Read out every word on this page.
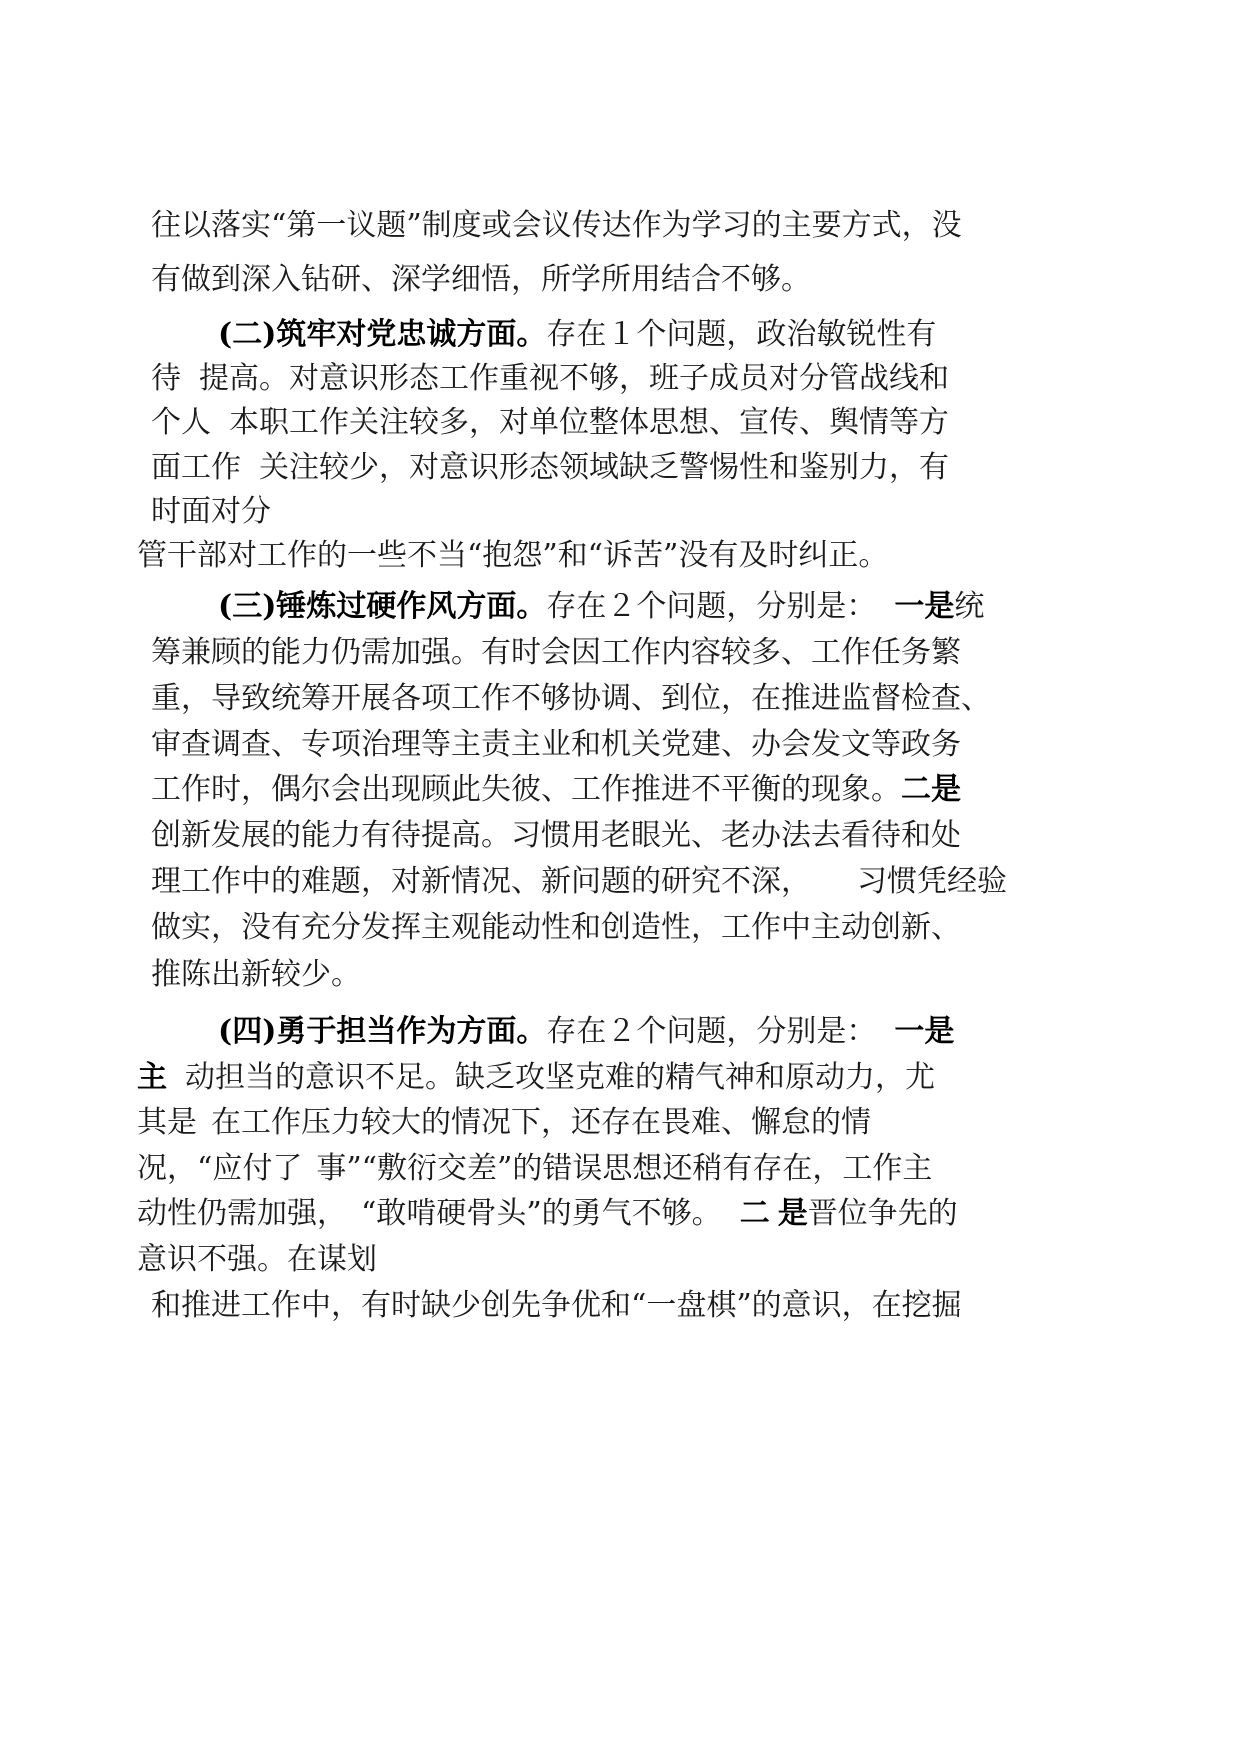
往以落实“第一议题”制度或会议传达作为学习的主要方式，没
有做到深入钻研、深学细悟，所学所用结合不够。
(二)筑牢对党忠诚方面。存在１个问题，政治敏锐性有
待 提高。对意识形态工作重视不够，班子成员对分管战线和
个人 本职工作关注较多，对单位整体思想、宣传、舆情等方
面工作 关注较少，对意识形态领域缺乏警惕性和鉴别力，有
时面对分
管干部对工作的一些不当“抱怨”和“诉苦”没有及时纠正。
(三)锤炼过硬作风方面。存在２个问题，分别是： 一是统
筹兼顾的能力仍需加强。有时会因工作内容较多、工作任务繁
重，导致统筹开展各项工作不够协调、到位，在推进监督检查、
审查调查、专项治理等主责主业和机关党建、办会发文等政务
工作时，偶尔会出现顾此失彼、工作推进不平衡的现象。二是
创新发展的能力有待提高。习惯用老眼光、老办法去看待和处
理工作中的难题，对新情况、新问题的研究不深， 习惯凭经验
做实，没有充分发挥主观能动性和创造性，工作中主动创新、
推陈出新较少。
(四)勇于担当作为方面。存在２个问题，分别是： 一是
主 动担当的意识不足。缺乏攻坚克难的精气神和原动力，尤
其是 在工作压力较大的情况下，还存在畏难、懈怠的情
况，“应付了 事”“敷衍交差”的错误思想还稍有存在，工作主
动性仍需加强， “敢啃硬骨头”的勇气不够。 二 是晋位争先的
意识不强。在谋划
和推进工作中，有时缺少创先争优和“一盘棋”的意识，在挖掘
